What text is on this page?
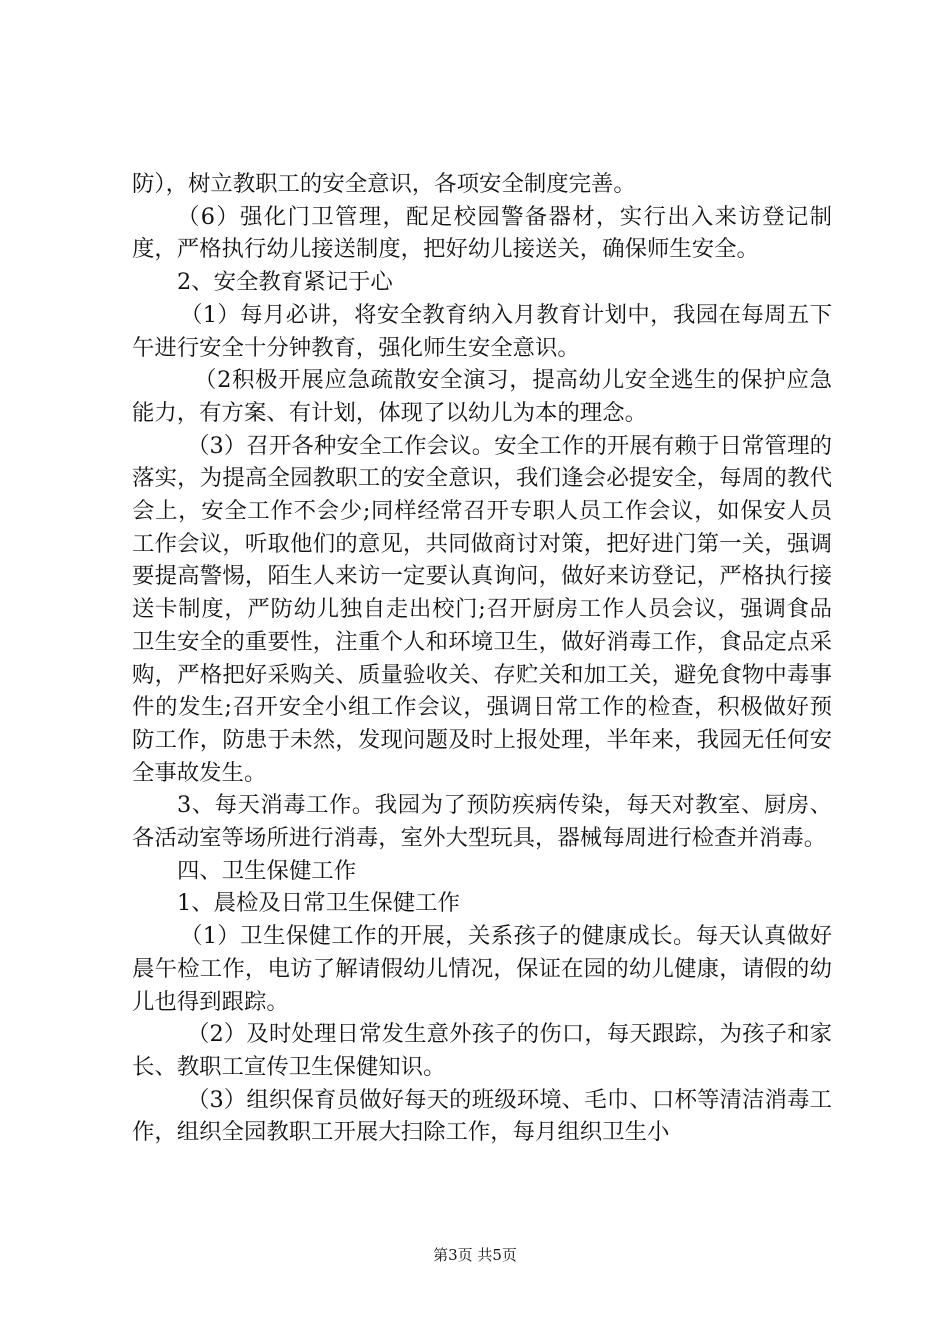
防），树立教职工的安全意识，各项安全制度完善。

（6）强化门卫管理，配足校园警备器材，实行出入来访登记制度，严格执行幼儿接送制度，把好幼儿接送关，确保师生安全。

2、安全教育紧记于心

（1）每月必讲，将安全教育纳入月教育计划中，我园在每周五下午进行安全十分钟教育，强化师生安全意识。

（2积极开展应急疏散安全演习，提高幼儿安全逃生的保护应急能力，有方案、有计划，体现了以幼儿为本的理念。

（3）召开各种安全工作会议。安全工作的开展有赖于日常管理的落实，为提高全园教职工的安全意识，我们逢会必提安全，每周的教代会上，安全工作不会少;同样经常召开专职人员工作会议，如保安人员工作会议，听取他们的意见，共同做商讨对策，把好进门第一关，强调要提高警惕，陌生人来访一定要认真询问，做好来访登记，严格执行接送卡制度，严防幼儿独自走出校门;召开厨房工作人员会议，强调食品卫生安全的重要性，注重个人和环境卫生，做好消毒工作，食品定点采购，严格把好采购关、质量验收关、存贮关和加工关，避免食物中毒事件的发生;召开安全小组工作会议，强调日常工作的检查，积极做好预防工作，防患于未然，发现问题及时上报处理，半年来，我园无任何安全事故发生。

3、每天消毒工作。我园为了预防疾病传染，每天对教室、厨房、各活动室等场所进行消毒，室外大型玩具，器械每周进行检查并消毒。

四、卫生保健工作

1、晨检及日常卫生保健工作

（1）卫生保健工作的开展，关系孩子的健康成长。每天认真做好晨午检工作，电访了解请假幼儿情况，保证在园的幼儿健康，请假的幼儿也得到跟踪。

（2）及时处理日常发生意外孩子的伤口，每天跟踪，为孩子和家长、教职工宣传卫生保健知识。

（3）组织保育员做好每天的班级环境、毛巾、口杯等清洁消毒工作，组织全园教职工开展大扫除工作，每月组织卫生小

第3页 共5页
